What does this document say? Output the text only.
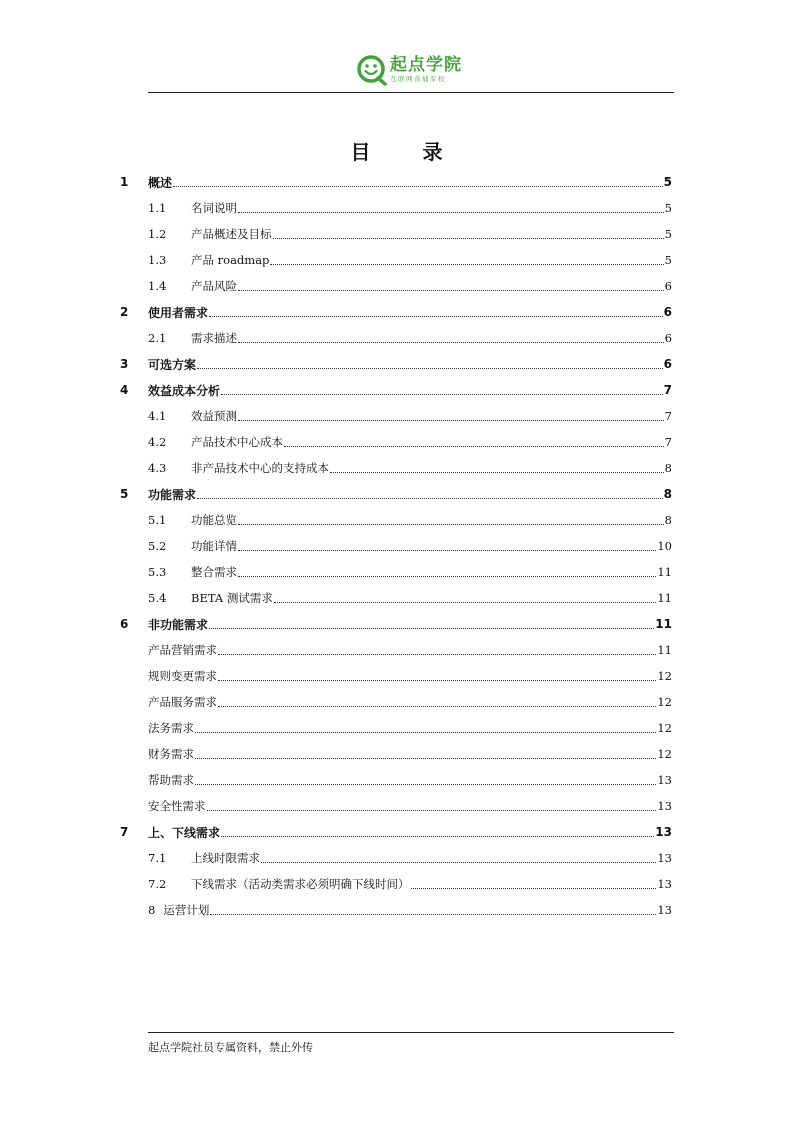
起点学院
互联网黄埔军校
目	录
1	概述	5
1.1	名词说明	5
1.2	产品概述及目标	5
1.3	产品 roadmap	5
1.4	产品风险	6
2	使用者需求	6
2.1	需求描述	6
3	可选方案	6
4	效益成本分析	7
4.1	效益预测	7
4.2	产品技术中心成本	7
4.3	非产品技术中心的支持成本	8
5	功能需求	8
5.1	功能总览	8
5.2	功能详情	10
5.3	整合需求	11
5.4	BETA 测试需求	11
6	非功能需求	11
产品营销需求	11
规则变更需求	12
产品服务需求	12
法务需求	12
财务需求	12
帮助需求	13
安全性需求	13
7	上、下线需求	13
7.1	上线时限需求	13
7.2	下线需求（活动类需求必须明确下线时间）	13
8 运营计划	13
起点学院社员专属资料，禁止外传
